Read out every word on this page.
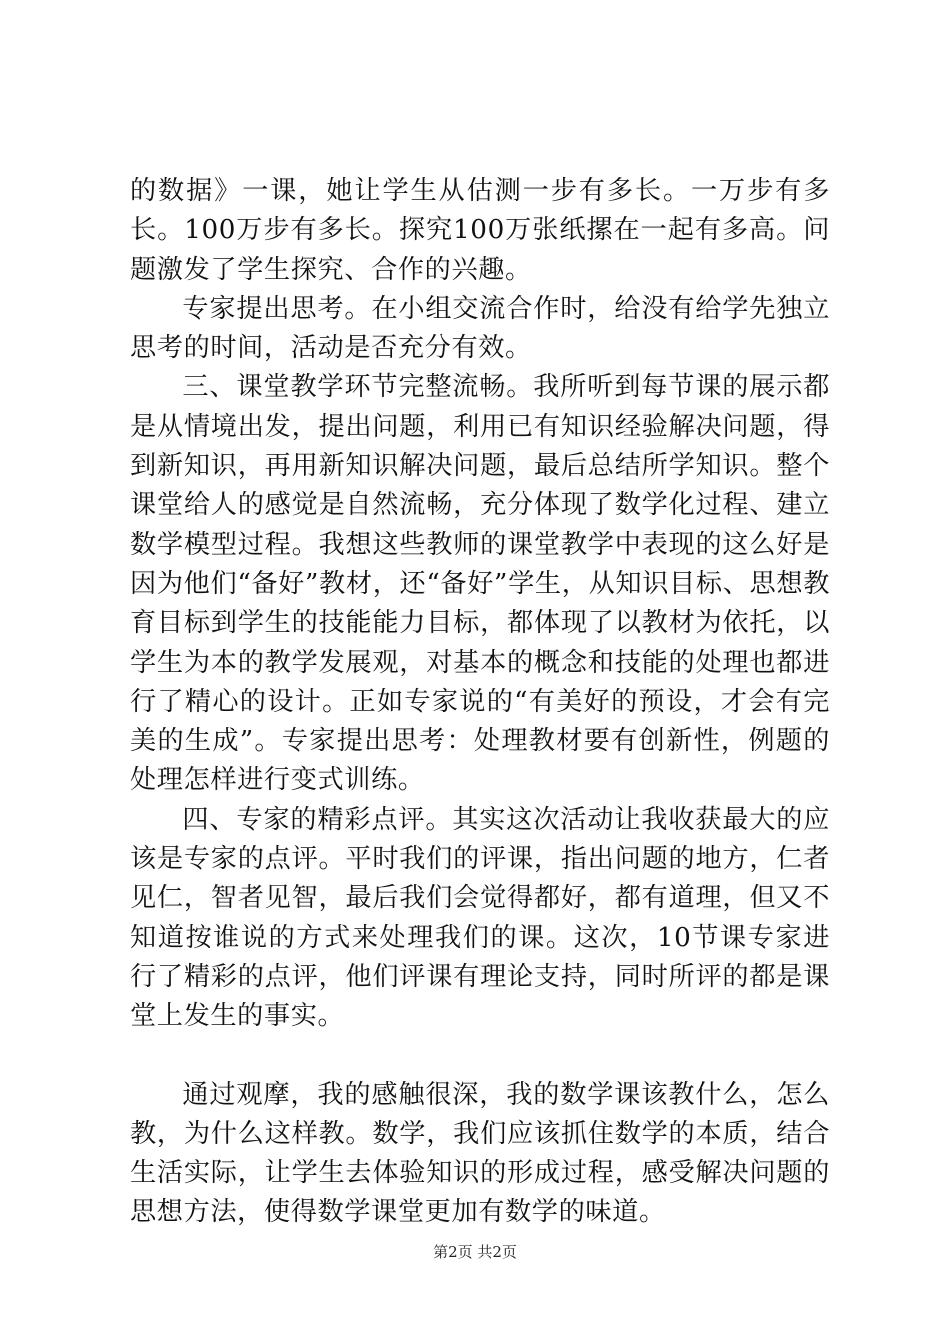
的数据》一课，她让学生从估测一步有多长。一万步有多长。100万步有多长。探究100万张纸摞在一起有多高。问题激发了学生探究、合作的兴趣。

专家提出思考。在小组交流合作时，给没有给学先独立思考的时间，活动是否充分有效。

三、课堂教学环节完整流畅。我所听到每节课的展示都是从情境出发，提出问题，利用已有知识经验解决问题，得到新知识，再用新知识解决问题，最后总结所学知识。整个课堂给人的感觉是自然流畅，充分体现了数学化过程、建立数学模型过程。我想这些教师的课堂教学中表现的这么好是因为他们“备好”教材，还“备好”学生，从知识目标、思想教育目标到学生的技能能力目标，都体现了以教材为依托，以学生为本的教学发展观，对基本的概念和技能的处理也都进行了精心的设计。正如专家说的“有美好的预设，才会有完美的生成”。专家提出思考：处理教材要有创新性，例题的处理怎样进行变式训练。

四、专家的精彩点评。其实这次活动让我收获最大的应该是专家的点评。平时我们的评课，指出问题的地方，仁者见仁，智者见智，最后我们会觉得都好，都有道理，但又不知道按谁说的方式来处理我们的课。这次，10节课专家进行了精彩的点评，他们评课有理论支持，同时所评的都是课堂上发生的事实。

通过观摩，我的感触很深，我的数学课该教什么，怎么教，为什么这样教。数学，我们应该抓住数学的本质，结合生活实际，让学生去体验知识的形成过程，感受解决问题的思想方法，使得数学课堂更加有数学的味道。

第2页 共2页
